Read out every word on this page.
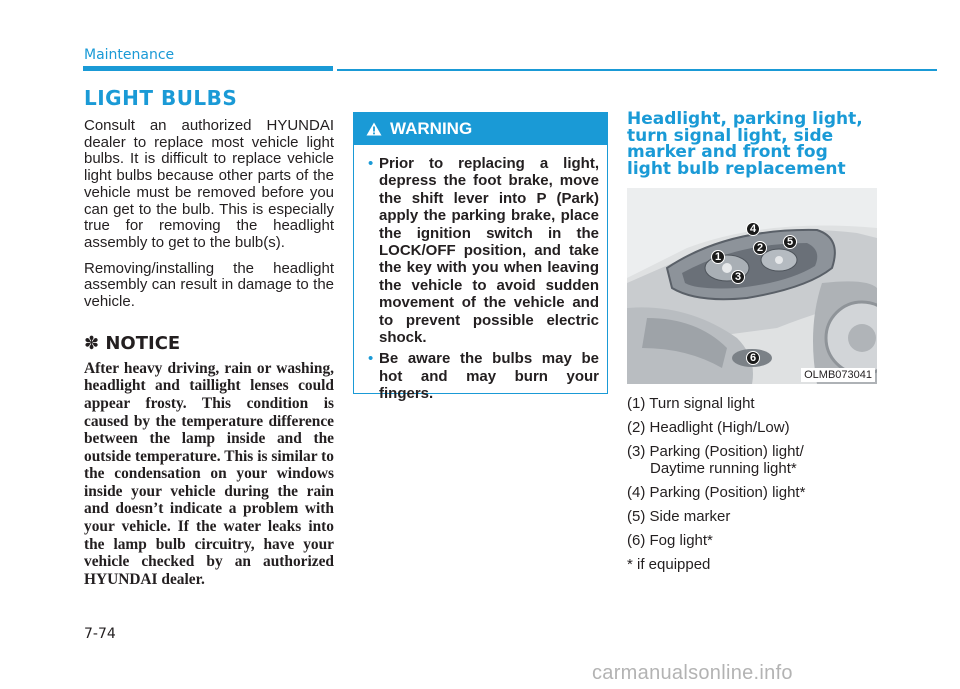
Maintenance
LIGHT BULBS

Consult an authorized HYUNDAI dealer to replace most vehicle light bulbs. It is difficult to replace vehicle light bulbs because other parts of the vehicle must be removed before you can get to the bulb. This is especially true for removing the headlight assembly to get to the bulb(s).

Removing/installing the headlight assembly can result in damage to the vehicle.

✽ NOTICE

After heavy driving, rain or washing, headlight and taillight lenses could appear frosty. This condition is caused by the temperature difference between the lamp inside and the outside temperature. This is similar to the condensation on your windows inside your vehicle during the rain and doesn’t indicate a problem with your vehicle. If the water leaks into the lamp bulb circuitry, have your vehicle checked by an authorized HYUNDAI dealer.

WARNING
• Prior to replacing a light, depress the foot brake, move the shift lever into P (Park) apply the parking brake, place the ignition switch in the LOCK/OFF position, and take the key with you when leaving the vehicle to avoid sudden movement of the vehicle and to prevent possible electric shock.
• Be aware the bulbs may be hot and may burn your fingers.
Headlight, parking light, turn signal light, side marker and front fog light bulb replacement
1
2
3
4
5
6
OLMB073041
(1) Turn signal light
(2) Headlight (High/Low)
(3) Parking (Position) light/
Daytime running light*
(4) Parking (Position) light*
(5) Side marker
(6) Fog light*
* if equipped
7-74
carmanualsonline.info
